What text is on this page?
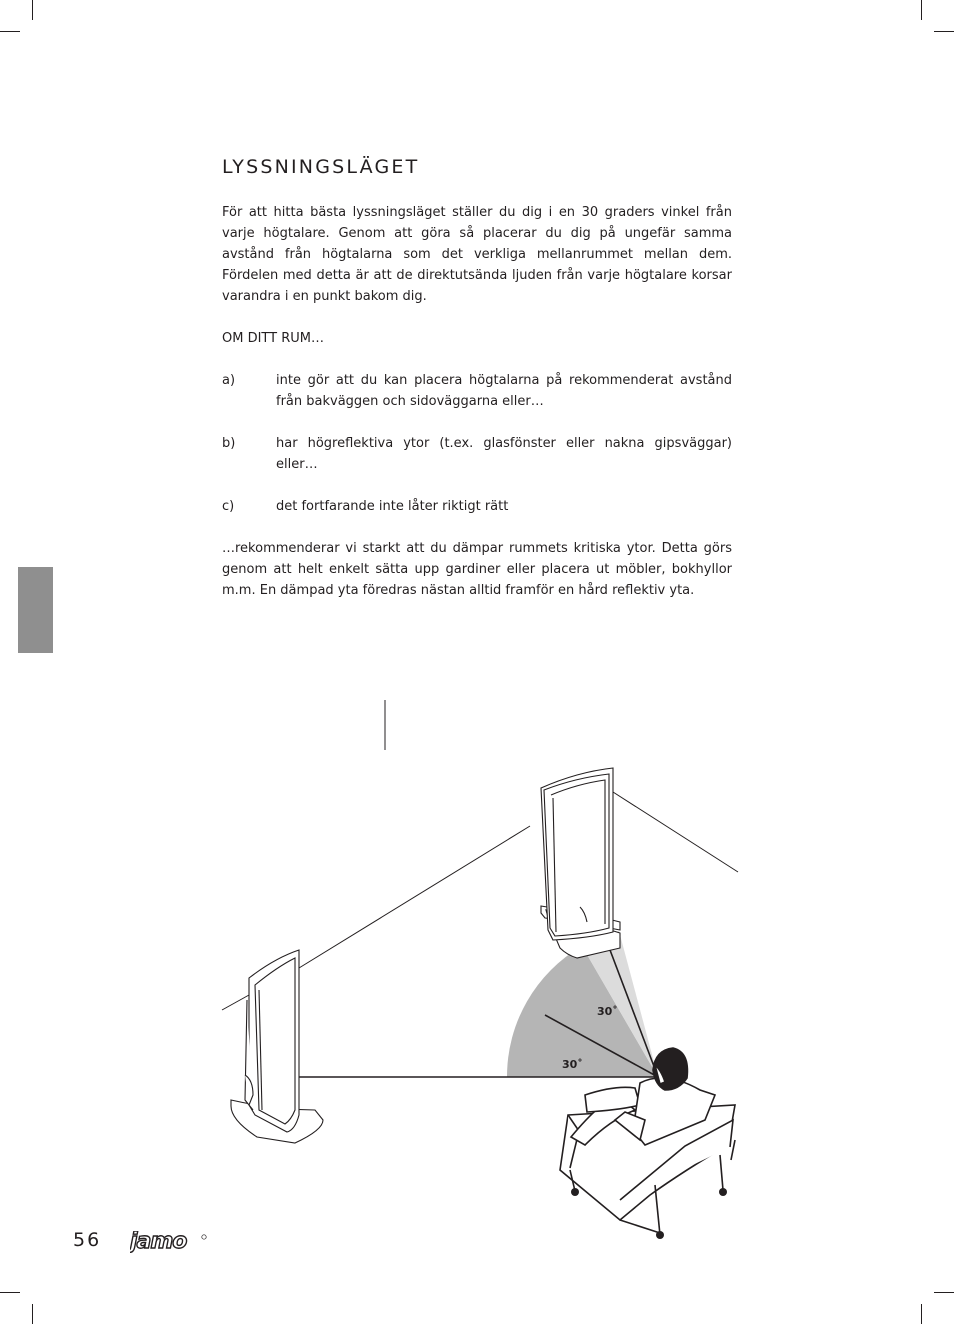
LYSSNINGSLÄGET

För att hitta bästa lyssningsläget ställer du dig i en 30 graders vinkel från varje högtalare. Genom att göra så placerar du dig på ungefär samma avstånd från högtalarna som det verkliga mellanrummet mellan dem. Fördelen med detta är att de direktutsända ljuden från varje högtalare korsar varandra i en punkt bakom dig.

OM DITT RUM…

a)	inte gör att du kan placera högtalarna på rekommenderat avstånd från bakväggen och sidoväggarna eller…
b)	har högreflektiva ytor (t.ex. glasfönster eller nakna gipsväggar) eller…
c)	det fortfarande inte låter riktigt rätt

…rekommenderar vi starkt att du dämpar rummets kritiska ytor. Detta görs genom att helt enkelt sätta upp gardiner eller placera ut möbler, bokhyllor m.m. En dämpad yta föredras nästan alltid framför en hård reflektiv yta.

30˚
30˚
56 jamo
